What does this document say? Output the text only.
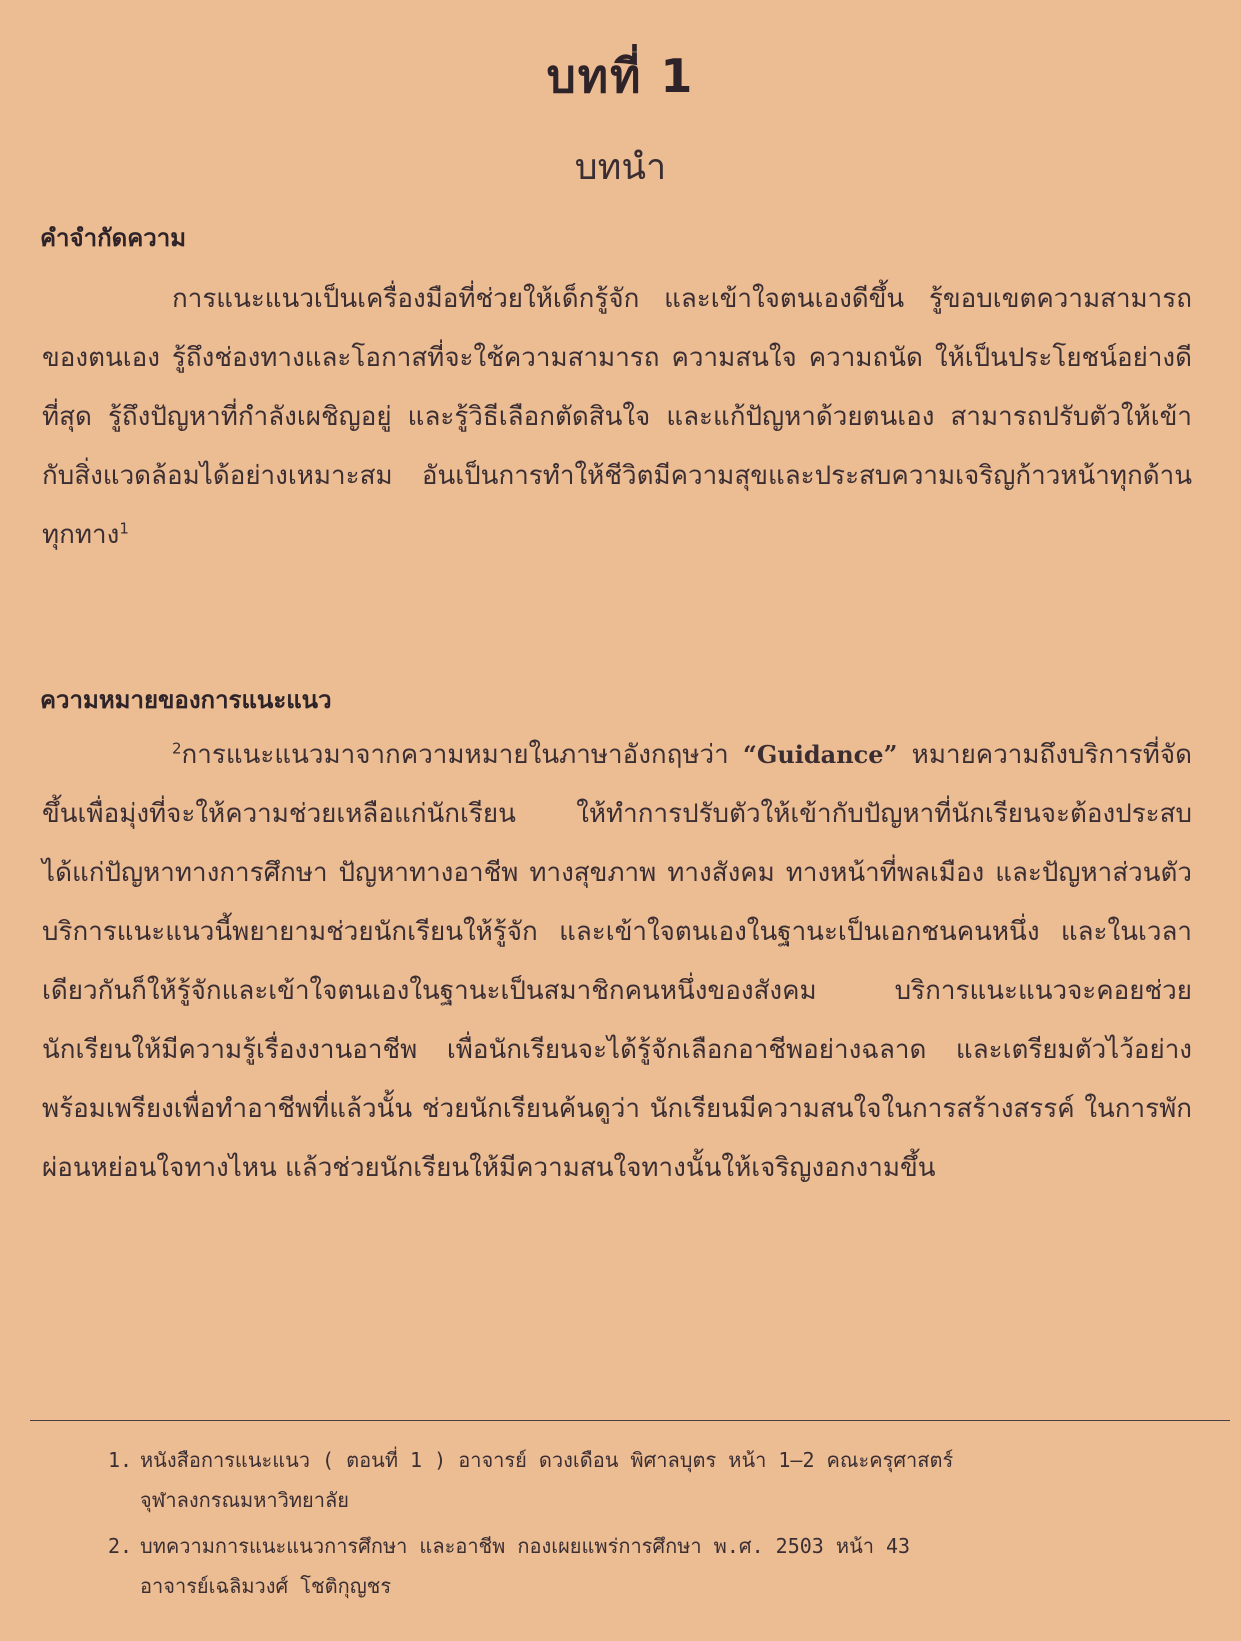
บทที่ 1
บทนำ
คำจำกัดความ
การแนะแนวเป็นเครื่องมือที่ช่วยให้เด็กรู้จัก และเข้าใจตนเองดีขึ้น รู้ขอบเขตความสามารถของตนเอง รู้ถึงช่องทางและโอกาสที่จะใช้ความสามารถ ความสนใจ ความถนัด ให้เป็นประโยชน์อย่างดีที่สุด รู้ถึงปัญหาที่กำลังเผชิญอยู่ และรู้วิธีเลือกตัดสินใจ และแก้ปัญหาด้วยตนเอง สามารถปรับตัวให้เข้ากับสิ่งแวดล้อมได้อย่างเหมาะสม อันเป็นการทำให้ชีวิตมีความสุขและประสบความเจริญก้าวหน้าทุกด้านทุกทาง$^1$
ความหมายของการแนะแนว
$^2$การแนะแนวมาจากความหมายในภาษาอังกฤษว่า “Guidance” หมายความถึงบริการที่จัดขึ้นเพื่อมุ่งที่จะให้ความช่วยเหลือแก่นักเรียน ให้ทำการปรับตัวให้เข้ากับปัญหาที่นักเรียนจะต้องประสบ ได้แก่ปัญหาทางการศึกษา ปัญหาทางอาชีพ ทางสุขภาพ ทางสังคม ทางหน้าที่พลเมือง และปัญหาส่วนตัว บริการแนะแนวนี้พยายามช่วยนักเรียนให้รู้จัก และเข้าใจตนเองในฐานะเป็นเอกชนคนหนึ่ง และในเวลาเดียวกันก็ให้รู้จักและเข้าใจตนเองในฐานะเป็นสมาชิกคนหนึ่งของสังคม บริการแนะแนวจะคอยช่วยนักเรียนให้มีความรู้เรื่องงานอาชีพ เพื่อนักเรียนจะได้รู้จักเลือกอาชีพอย่างฉลาด และเตรียมตัวไว้อย่างพร้อมเพรียงเพื่อทำอาชีพที่แล้วนั้น ช่วยนักเรียนค้นดูว่า นักเรียนมีความสนใจในการสร้างสรรค์ ในการพักผ่อนหย่อนใจทางไหน แล้วช่วยนักเรียนให้มีความสนใจทางนั้นให้เจริญงอกงามขึ้น
1. หนังสือการแนะแนว ( ตอนที่ 1 ) อาจารย์ ดวงเดือน พิศาลบุตร หน้า 1–2 คณะครุศาสตร์
จุฬาลงกรณมหาวิทยาลัย
2. บทความการแนะแนวการศึกษา และอาชีพ กองเผยแพร่การศึกษา พ.ศ. 2503 หน้า 43
อาจารย์เฉลิมวงศ์ โชติกุญชร
